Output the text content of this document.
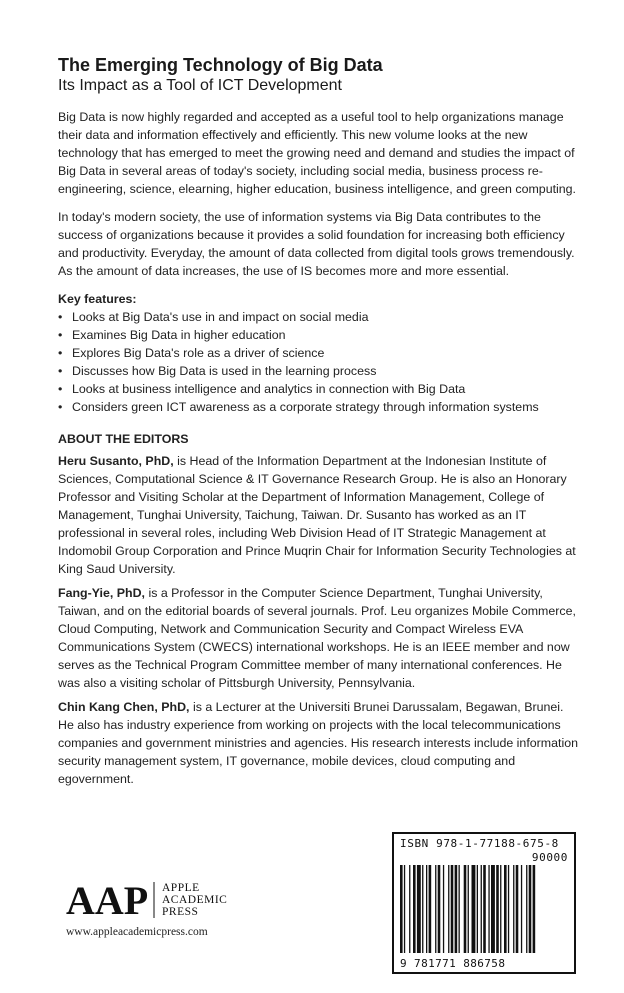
The Emerging Technology of Big Data
Its Impact as a Tool of ICT Development

Big Data is now highly regarded and accepted as a useful tool to help organizations manage their data and information effectively and efficiently. This new volume looks at the new technology that has emerged to meet the growing need and demand and studies the impact of Big Data in several areas of today's society, including social media, business process re-engineering, science, elearning, higher education, business intelligence, and green computing.

In today's modern society, the use of information systems via Big Data contributes to the success of organizations because it provides a solid foundation for increasing both efficiency and productivity. Everyday, the amount of data collected from digital tools grows tremendously. As the amount of data increases, the use of IS becomes more and more essential.

Key features:
• Looks at Big Data's use in and impact on social media
• Examines Big Data in higher education
• Explores Big Data's role as a driver of science
• Discusses how Big Data is used in the learning process
• Looks at business intelligence and analytics in connection with Big Data
• Considers green ICT awareness as a corporate strategy through information systems
ABOUT THE EDITORS

Heru Susanto, PhD, is Head of the Information Department at the Indonesian Institute of Sciences, Computational Science & IT Governance Research Group. He is also an Honorary Professor and Visiting Scholar at the Department of Information Management, College of Management, Tunghai University, Taichung, Taiwan. Dr. Susanto has worked as an IT professional in several roles, including Web Division Head of IT Strategic Management at Indomobil Group Corporation and Prince Muqrin Chair for Information Security Technologies at King Saud University.

Fang-Yie, PhD, is a Professor in the Computer Science Department, Tunghai University, Taiwan, and on the editorial boards of several journals. Prof. Leu organizes Mobile Commerce, Cloud Computing, Network and Communication Security and Compact Wireless EVA Communications System (CWECS) international workshops. He is an IEEE member and now serves as the Technical Program Committee member of many international conferences. He was also a visiting scholar of Pittsburgh University, Pennsylvania.

Chin Kang Chen, PhD, is a Lecturer at the Universiti Brunei Darussalam, Begawan, Brunei. He also has industry experience from working on projects with the local telecommunications companies and government ministries and agencies. His research interests include information security management system, IT governance, mobile devices, cloud computing and egovernment.

AAP APPLE
ACADEMIC
PRESS
www.appleacademicpress.com
ISBN 978-1-77188-675-8
90000
9 781771 886758
